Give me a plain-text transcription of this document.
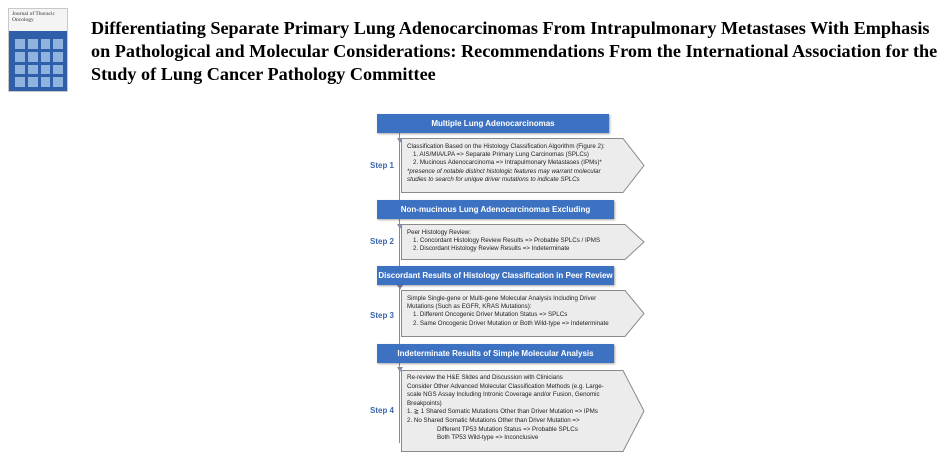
Journal of Thoracic Oncology	Differentiating Separate Primary Lung Adenocarcinomas From Intrapulmonary Metastases With Emphasis on Pathological and Molecular Considerations: Recommendations From the International Association for the Study of Lung Cancer Pathology Committee
Multiple Lung Adenocarcinomas
Step 1
Classification Based on the Histology Classification Algorithm (Figure 2):
1. AIS/MIA/LPA => Separate Primary Lung Carcinomas (SPLCs)
2. Mucinous Adenocarcinoma => Intrapulmonary Metastases (IPMs)*
*presence of notable distinct histologic features may warrant molecular
studies to search for unique driver mutations to indicate SPLCs
Non-mucinous Lung Adenocarcinomas Excluding
Step 2
Peer Histology Review:
1. Concordant Histology Review Results => Probable SPLCs / IPMS
2. Discordant Histology Review Results => Indeterminate
Discordant Results of Histology Classification in Peer Review
Step 3
Simple Single-gene or Multi-gene Molecular Analysis Including Driver
Mutations (Such as EGFR, KRAS Mutations):
1. Different Oncogenic Driver Mutation Status => SPLCs
2. Same Oncogenic Driver Mutation or Both Wild-type => Indeterminate
Indeterminate Results of Simple Molecular Analysis
Step 4
Re-review the H&E Slides and Discussion with Clinicians
Consider Other Advanced Molecular Classification Methods (e.g. Large-
scale NGS Assay Including Intronic Coverage and/or Fusion, Genomic
Breakpoints)
1. ≧ 1 Shared Somatic Mutations Other than Driver Mutation => IPMs
2. No Shared Somatic Mutations Other than Driver Mutation =>
Different TP53 Mutation Status => Probable SPLCs
Both TP53 Wild-type => Inconclusive
